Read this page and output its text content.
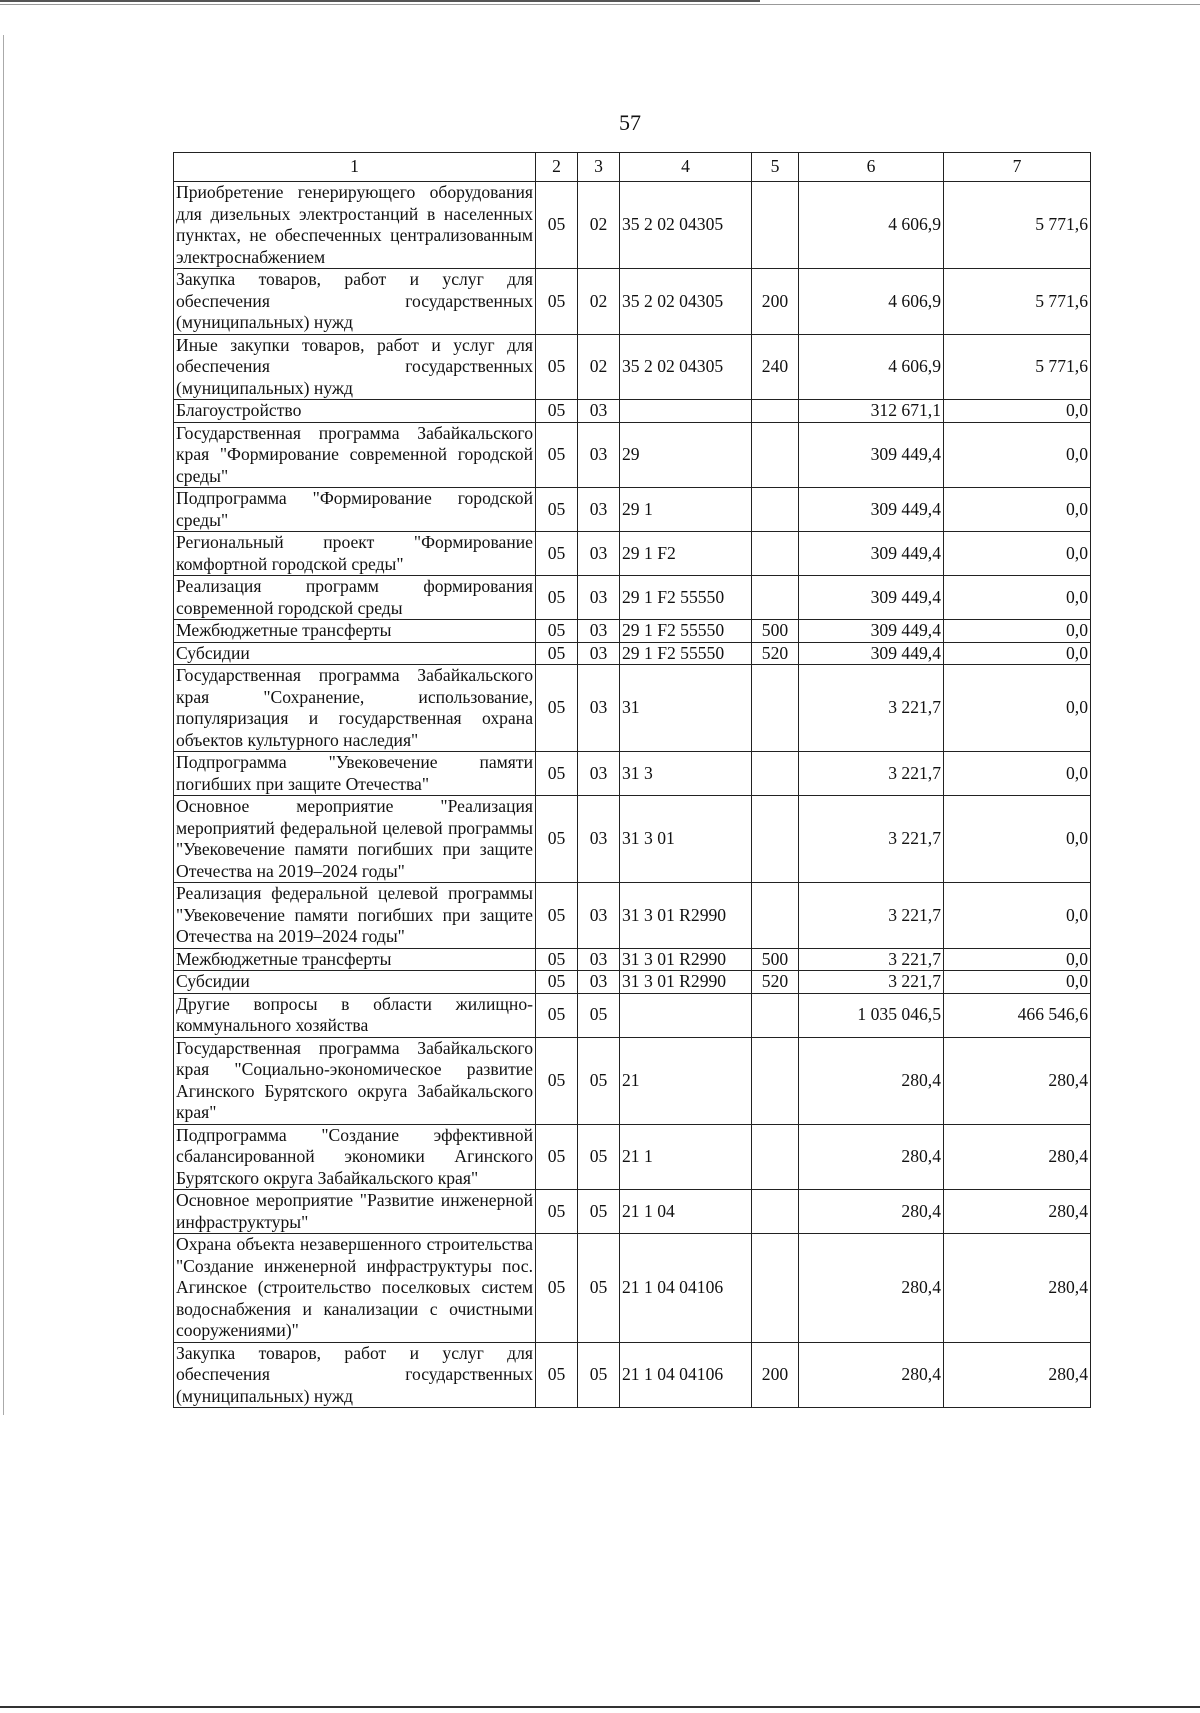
57
1	2	3	4	5	6	7
Приобретение генерирующего оборудования для дизельных электростанций в населенных пунктах, не обеспеченных централизованным электроснабжением	05	02	35 2 02 04305		4 606,9	5 771,6
Закупка товаров, работ и услуг для обеспечения государственных (муниципальных) нужд	05	02	35 2 02 04305	200	4 606,9	5 771,6
Иные закупки товаров, работ и услуг для обеспечения государственных (муниципальных) нужд	05	02	35 2 02 04305	240	4 606,9	5 771,6
Благоустройство	05	03			312 671,1	0,0
Государственная программа Забайкальского края "Формирование современной городской среды"	05	03	29		309 449,4	0,0
Подпрограмма "Формирование городской среды"	05	03	29 1		309 449,4	0,0
Региональный проект "Формирование комфортной городской среды"	05	03	29 1 F2		309 449,4	0,0
Реализация программ формирования современной городской среды	05	03	29 1 F2 55550		309 449,4	0,0
Межбюджетные трансферты	05	03	29 1 F2 55550	500	309 449,4	0,0
Субсидии	05	03	29 1 F2 55550	520	309 449,4	0,0
Государственная программа Забайкальского края "Сохранение, использование, популяризация и государственная охрана объектов культурного наследия"	05	03	31		3 221,7	0,0
Подпрограмма "Увековечение памяти погибших при защите Отечества"	05	03	31 3		3 221,7	0,0
Основное мероприятие "Реализация мероприятий федеральной целевой программы "Увековечение памяти погибших при защите Отечества на 2019–2024 годы"	05	03	31 3 01		3 221,7	0,0
Реализация федеральной целевой программы "Увековечение памяти погибших при защите Отечества на 2019–2024 годы"	05	03	31 3 01 R2990		3 221,7	0,0
Межбюджетные трансферты	05	03	31 3 01 R2990	500	3 221,7	0,0
Субсидии	05	03	31 3 01 R2990	520	3 221,7	0,0
Другие вопросы в области жилищно-коммунального хозяйства	05	05			1 035 046,5	466 546,6
Государственная программа Забайкальского края "Социально-экономическое развитие Агинского Бурятского округа Забайкальского края"	05	05	21		280,4	280,4
Подпрограмма "Создание эффективной сбалансированной экономики Агинского Бурятского округа Забайкальского края"	05	05	21 1		280,4	280,4
Основное мероприятие "Развитие инженерной инфраструктуры"	05	05	21 1 04		280,4	280,4
Охрана объекта незавершенного строительства "Создание инженерной инфраструктуры пос. Агинское (строительство поселковых систем водоснабжения и канализации с очистными сооружениями)"	05	05	21 1 04 04106		280,4	280,4
Закупка товаров, работ и услуг для обеспечения государственных (муниципальных) нужд	05	05	21 1 04 04106	200	280,4	280,4
